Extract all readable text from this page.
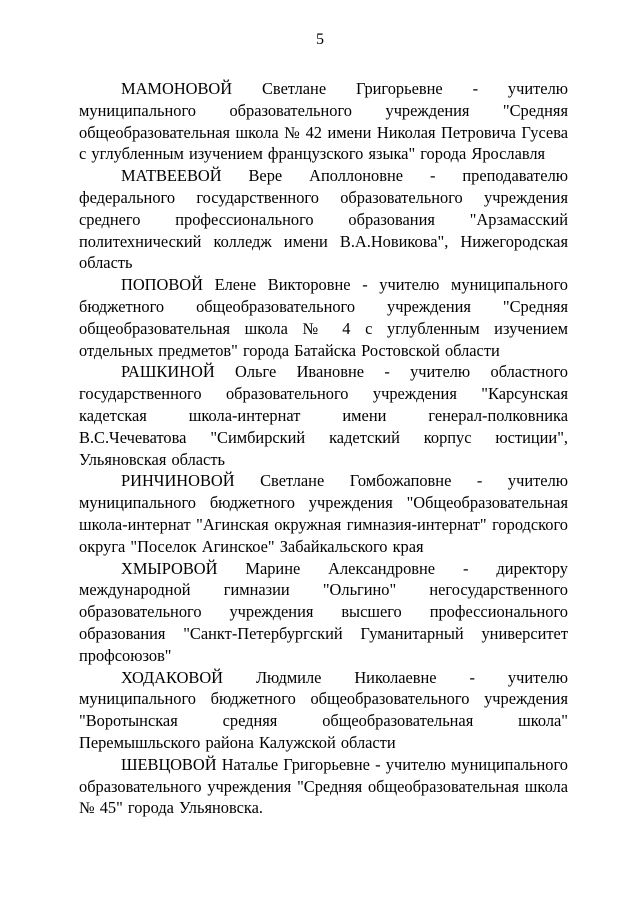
5

МАМОНОВОЙ Светлане Григорьевне - учителю муниципального образовательного учреждения "Средняя общеобразовательная школа № 42 имени Николая Петровича Гусева с углубленным изучением французского языка" города Ярославля

МАТВЕЕВОЙ Вере Аполлоновне - преподавателю федерального государственного образовательного учреждения среднего профессионального образования "Арзамасский политехнический колледж имени В.А.Новикова", Нижегородская область

ПОПОВОЙ Елене Викторовне - учителю муниципального бюджетного общеобразовательного учреждения "Средняя общеобразовательная школа № 4 с углубленным изучением отдельных предметов" города Батайска Ростовской области

РАШКИНОЙ Ольге Ивановне - учителю областного государственного образовательного учреждения "Карсунская кадетская школа-интернат имени генерал-полковника В.С.Чечеватова "Симбирский кадетский корпус юстиции", Ульяновская область

РИНЧИНОВОЙ Светлане Гомбожаповне - учителю муниципального бюджетного учреждения "Общеобразовательная школа-интернат "Агинская окружная гимназия-интернат" городского округа "Поселок Агинское" Забайкальского края

ХМЫРОВОЙ Марине Александровне - директору международной гимназии "Ольгино" негосударственного образовательного учреждения высшего профессионального образования "Санкт-Петербургский Гуманитарный университет профсоюзов"

ХОДАКОВОЙ Людмиле Николаевне - учителю муниципального бюджетного общеобразовательного учреждения "Воротынская средняя общеобразовательная школа" Перемышльского района Калужской области

ШЕВЦОВОЙ Наталье Григорьевне - учителю муниципального образовательного учреждения "Средняя общеобразовательная школа № 45" города Ульяновска.
